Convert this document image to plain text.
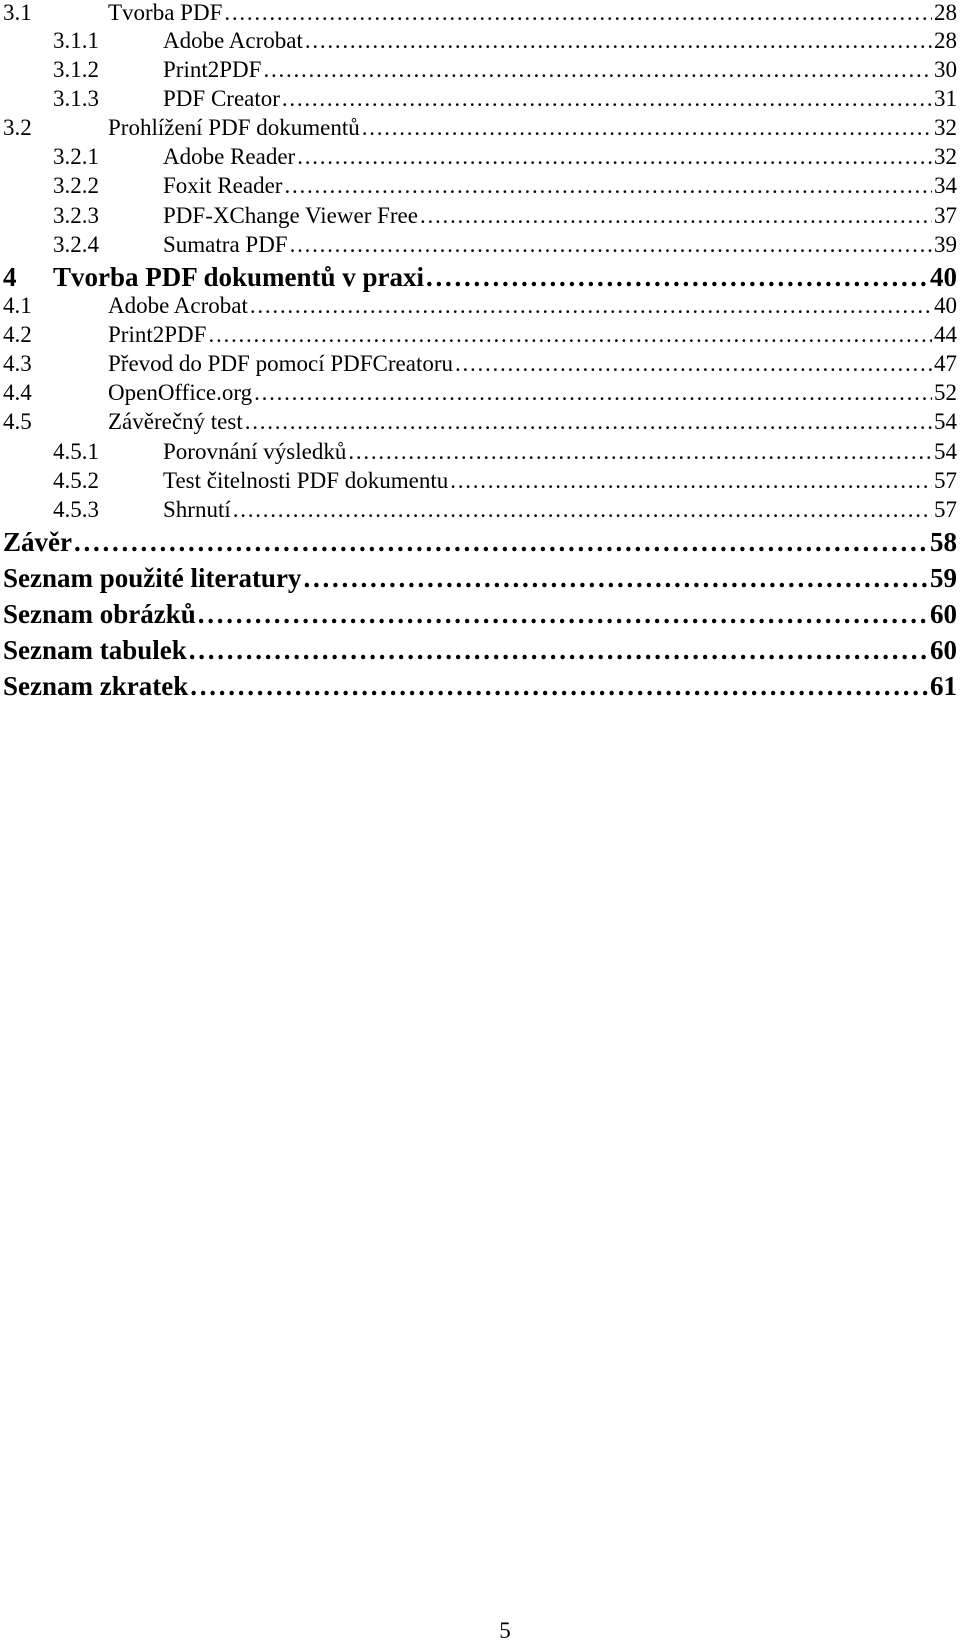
3.1	Tvorba PDF . . .	28
3.1.1	Adobe Acrobat . . .	28
3.1.2	Print2PDF . . .	30
3.1.3	PDF Creator . . .	31
3.2	Prohlížení PDF dokumentů . . .	32
3.2.1	Adobe Reader . . .	32
3.2.2	Foxit Reader . . .	34
3.2.3	PDF-XChange Viewer Free . . .	37
3.2.4	Sumatra PDF . . .	39
4	Tvorba PDF dokumentů v praxi . . .	40
4.1	Adobe Acrobat . . .	40
4.2	Print2PDF . . .	44
4.3	Převod do PDF pomocí PDFCreatoru . . .	47
4.4	OpenOffice.org . . .	52
4.5	Závěrečný test . . .	54
4.5.1	Porovnání výsledků . . .	54
4.5.2	Test čitelnosti PDF dokumentu . . .	57
4.5.3	Shrnutí . . .	57
Závěr . . .	58
Seznam použité literatury . . .	59
Seznam obrázků . . .	60
Seznam tabulek . . .	60
Seznam zkratek . . .	61
5
